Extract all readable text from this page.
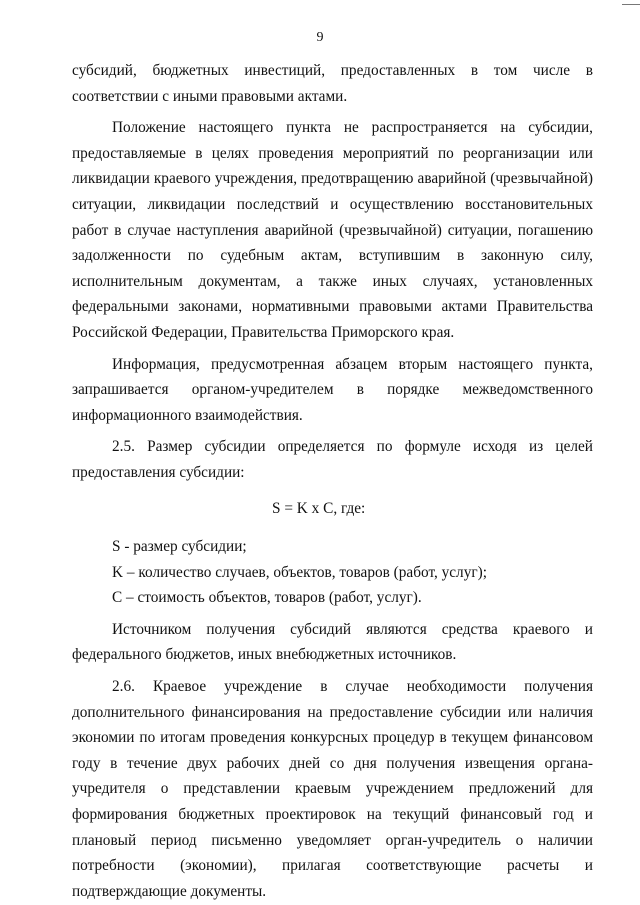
9

субсидий, бюджетных инвестиций, предоставленных в том числе в соответствии с иными правовыми актами.

Положение настоящего пункта не распространяется на субсидии, предоставляемые в целях проведения мероприятий по реорганизации или ликвидации краевого учреждения, предотвращению аварийной (чрезвычайной) ситуации, ликвидации последствий и осуществлению восстановительных работ в случае наступления аварийной (чрезвычайной) ситуации, погашению задолженности по судебным актам, вступившим в законную силу, исполнительным документам, а также иных случаях, установленных федеральными законами, нормативными правовыми актами Правительства Российской Федерации, Правительства Приморского края.

Информация, предусмотренная абзацем вторым настоящего пункта, запрашивается органом-учредителем в порядке межведомственного информационного взаимодействия.

2.5. Размер субсидии определяется по формуле исходя из целей предоставления субсидии:

S = K x C, где:

S - размер субсидии;

K – количество случаев, объектов, товаров (работ, услуг);

C – стоимость объектов, товаров (работ, услуг).

Источником получения субсидий являются средства краевого и федерального бюджетов, иных внебюджетных источников.

2.6. Краевое учреждение в случае необходимости получения дополнительного финансирования на предоставление субсидии или наличия экономии по итогам проведения конкурсных процедур в текущем финансовом году в течение двух рабочих дней со дня получения извещения органа-учредителя о представлении краевым учреждением предложений для формирования бюджетных проектировок на текущий финансовый год и плановый период письменно уведомляет орган-учредитель о наличии потребности (экономии), прилагая соответствующие расчеты и подтверждающие документы.
